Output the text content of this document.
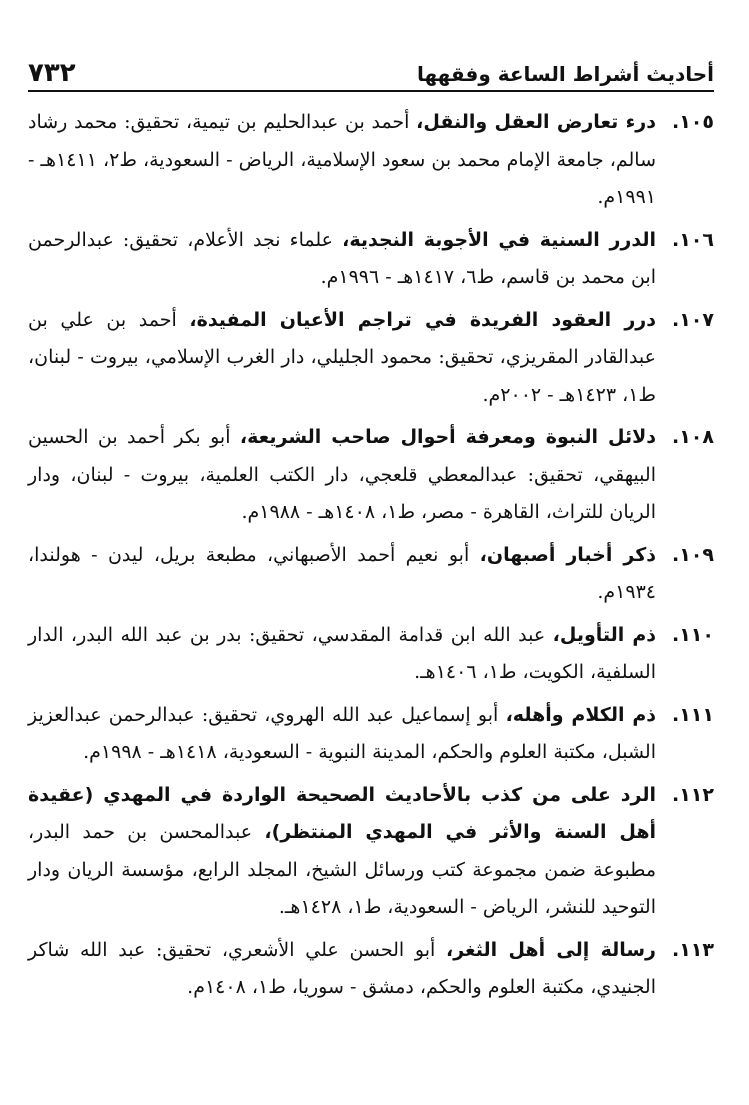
أحاديث أشراط الساعة وفقهها
٧٣٢
١٠٥.
درء تعارض العقل والنقل، أحمد بن عبدالحليم بن تيمية، تحقيق: محمد رشاد سالم، جامعة الإمام محمد بن سعود الإسلامية، الرياض - السعودية، ط٢، ١٤١١هـ - ١٩٩١م.
١٠٦.
الدرر السنية في الأجوبة النجدية، علماء نجد الأعلام، تحقيق: عبدالرحمن ابن محمد بن قاسم، ط٦، ١٤١٧هـ - ١٩٩٦م.
١٠٧.
درر العقود الفريدة في تراجم الأعيان المفيدة، أحمد بن علي بن عبدالقادر المقريزي، تحقيق: محمود الجليلي، دار الغرب الإسلامي، بيروت - لبنان، ط١، ١٤٢٣هـ - ٢٠٠٢م.
١٠٨.
دلائل النبوة ومعرفة أحوال صاحب الشريعة، أبو بكر أحمد بن الحسين البيهقي، تحقيق: عبدالمعطي قلعجي، دار الكتب العلمية، بيروت - لبنان، ودار الريان للتراث، القاهرة - مصر، ط١، ١٤٠٨هـ - ١٩٨٨م.
١٠٩.
ذكر أخبار أصبهان، أبو نعيم أحمد الأصبهاني، مطبعة بريل، ليدن - هولندا، ١٩٣٤م.
١١٠.
ذم التأويل، عبد الله ابن قدامة المقدسي، تحقيق: بدر بن عبد الله البدر، الدار السلفية، الكويت، ط١، ١٤٠٦هـ.
١١١.
ذم الكلام وأهله، أبو إسماعيل عبد الله الهروي، تحقيق: عبدالرحمن عبدالعزيز الشبل، مكتبة العلوم والحكم، المدينة النبوية - السعودية، ١٤١٨هـ - ١٩٩٨م.
١١٢.
الرد على من كذب بالأحاديث الصحيحة الواردة في المهدي (عقيدة أهل السنة والأثر في المهدي المنتظر)، عبدالمحسن بن حمد البدر، مطبوعة ضمن مجموعة كتب ورسائل الشيخ، المجلد الرابع، مؤسسة الريان ودار التوحيد للنشر، الرياض - السعودية، ط١، ١٤٢٨هـ.
١١٣.
رسالة إلى أهل الثغر، أبو الحسن علي الأشعري، تحقيق: عبد الله شاكر الجنيدي، مكتبة العلوم والحكم، دمشق - سوريا، ط١، ١٤٠٨م.
